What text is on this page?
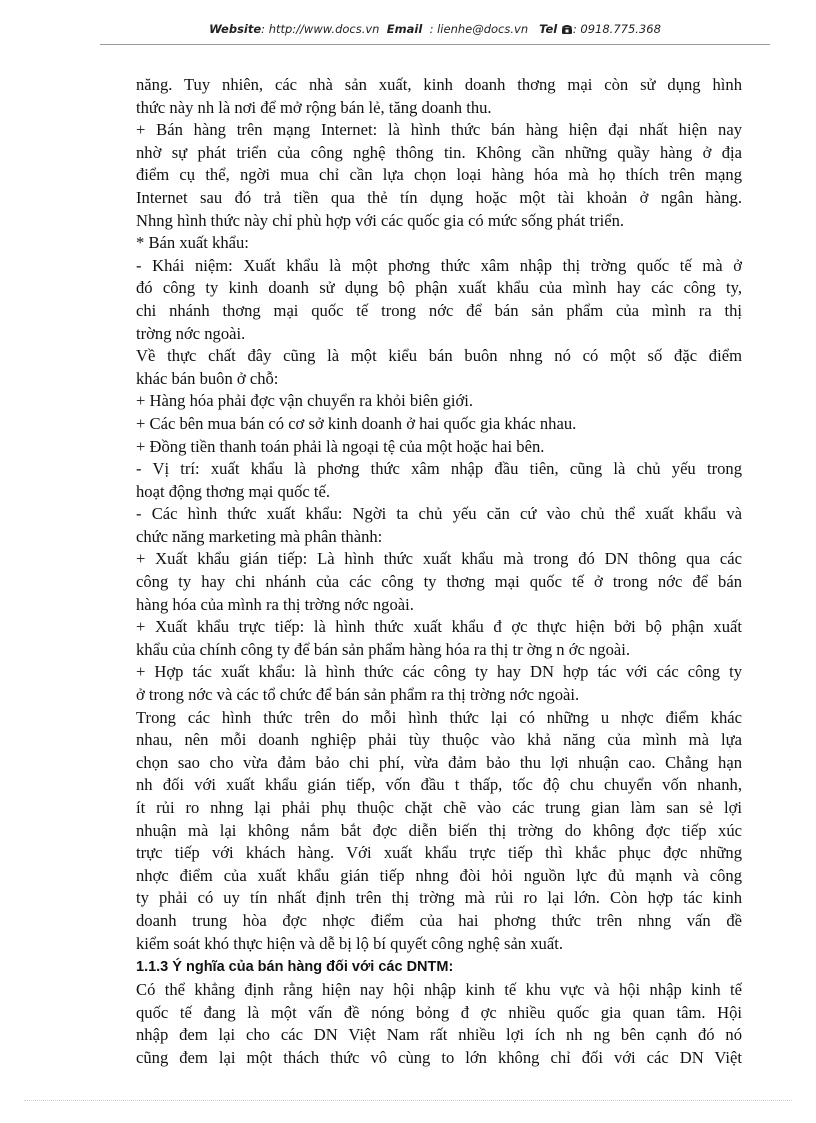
Website: http://www.docs.vn Email : lienhe@docs.vn Tel : 0918.775.368
năng. Tuy nhiên, các nhà sản xuất, kinh doanh thơng mại còn sử dụng hình
thức này nh là nơi để mở rộng bán lẻ, tăng doanh thu.
+ Bán hàng trên mạng Internet: là hình thức bán hàng hiện đại nhất hiện nay
nhờ sự phát triển của công nghệ thông tin. Không cần những quầy hàng ở địa
điểm cụ thể, ngời mua chỉ cần lựa chọn loại hàng hóa mà họ thích trên mạng
Internet sau đó trả tiền qua thẻ tín dụng hoặc một tài khoản ở ngân hàng.
Nhng hình thức này chỉ phù hợp với các quốc gia có mức sống phát triển.
* Bán xuất khẩu:
- Khái niệm: Xuất khẩu là một phơng thức xâm nhập thị trờng quốc tế mà ở
đó công ty kinh doanh sử dụng bộ phận xuất khẩu của mình hay các công ty,
chi nhánh thơng mại quốc tế trong nớc để bán sản phẩm của mình ra thị
trờng nớc ngoài.
Về thực chất đây cũng là một kiểu bán buôn nhng nó có một số đặc điểm
khác bán buôn ở chỗ:
+ Hàng hóa phải đợc vận chuyển ra khỏi biên giới.
+ Các bên mua bán có cơ sở kinh doanh ở hai quốc gia khác nhau.
+ Đồng tiền thanh toán phải là ngoại tệ của một hoặc hai bên.
- Vị trí: xuất khẩu là phơng thức xâm nhập đầu tiên, cũng là chủ yếu trong
hoạt động thơng mại quốc tế.
- Các hình thức xuất khẩu: Ngời ta chủ yếu căn cứ vào chủ thể xuất khẩu và
chức năng marketing mà phân thành:
+ Xuất khẩu gián tiếp: Là hình thức xuất khẩu mà trong đó DN thông qua các
công ty hay chi nhánh của các công ty thơng mại quốc tế ở trong nớc để bán
hàng hóa của mình ra thị trờng nớc ngoài.
+ Xuất khẩu trực tiếp: là hình thức xuất khẩu đ ợc thực hiện bởi bộ phận xuất
khẩu của chính công ty để bán sản phẩm hàng hóa ra thị tr ờng n ớc ngoài.
+ Hợp tác xuất khẩu: là hình thức các công ty hay DN hợp tác với các công ty
ở trong nớc và các tổ chức để bán sản phẩm ra thị trờng nớc ngoài.
Trong các hình thức trên do mỗi hình thức lại có những u nhợc điểm khác
nhau, nên mỗi doanh nghiệp phải tùy thuộc vào khả năng của mình mà lựa
chọn sao cho vừa đảm bảo chi phí, vừa đảm bảo thu lợi nhuận cao. Chẳng hạn
nh đối với xuất khẩu gián tiếp, vốn đầu t thấp, tốc độ chu chuyển vốn nhanh,
ít rủi ro nhng lại phải phụ thuộc chặt chẽ vào các trung gian làm san sẻ lợi
nhuận mà lại không nắm bắt đợc diễn biến thị trờng do không đợc tiếp xúc
trực tiếp với khách hàng. Với xuất khẩu trực tiếp thì khắc phục đợc những
nhợc điểm của xuất khẩu gián tiếp nhng đòi hỏi nguồn lực đủ mạnh và công
ty phải có uy tín nhất định trên thị trờng mà rủi ro lại lớn. Còn hợp tác kinh
doanh trung hòa đợc nhợc điểm của hai phơng thức trên nhng vấn đề
kiểm soát khó thực hiện và dễ bị lộ bí quyết công nghệ sản xuất.
1.1.3 Ý nghĩa của bán hàng đối với các DNTM:
Có thể khẳng định rằng hiện nay hội nhập kinh tế khu vực và hội nhập kinh tế
quốc tế đang là một vấn đề nóng bỏng đ ợc nhiều quốc gia quan tâm. Hội
nhập đem lại cho các DN Việt Nam rất nhiều lợi ích nh ng bên cạnh đó nó
cũng đem lại một thách thức vô cùng to lớn không chỉ đối với các DN Việt
